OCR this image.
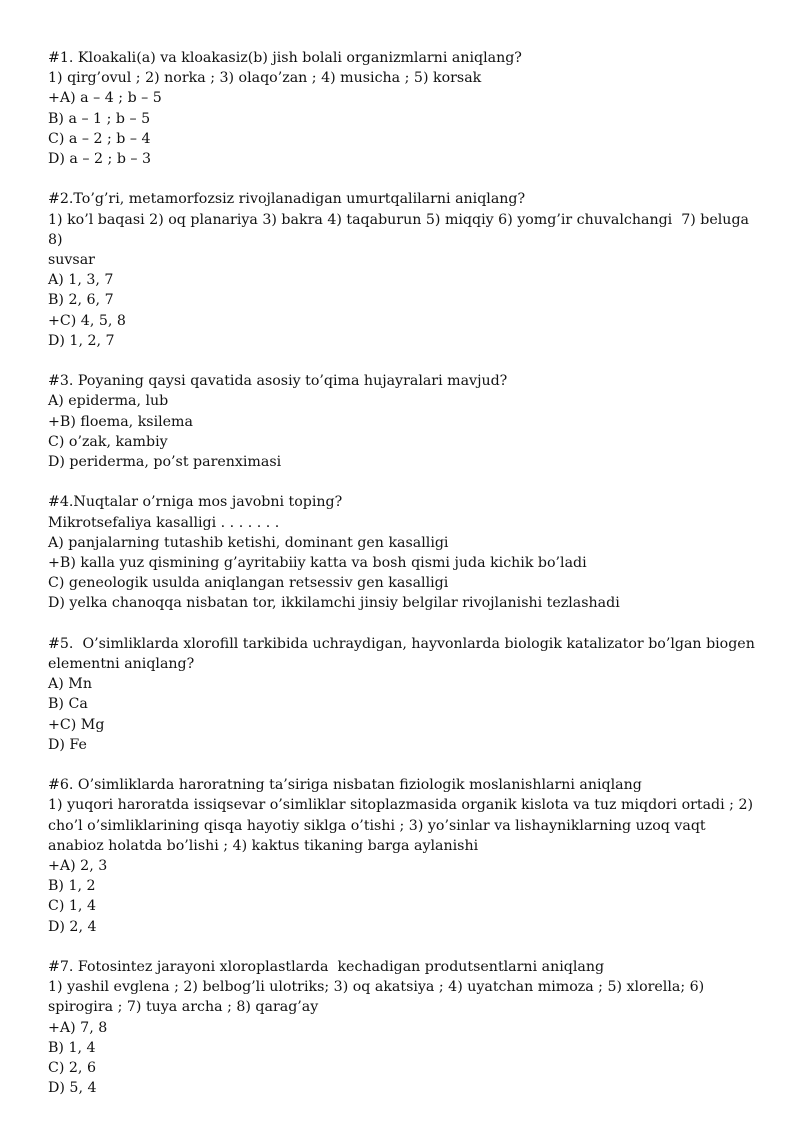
#1. Kloakali(a) va kloakasiz(b) jish bolali organizmlarni aniqlang?
1) qirg’ovul ; 2) norka ; 3) olaqo’zan ; 4) musicha ; 5) korsak
+A) a – 4 ; b – 5
B) a – 1 ; b – 5
C) a – 2 ; b – 4
D) a – 2 ; b – 3
#2.To’g’ri, metamorfozsiz rivojlanadigan umurtqalilarni aniqlang?
1) ko’l baqasi 2) oq planariya 3) bakra 4) taqaburun 5) miqqiy 6) yomg’ir chuvalchangi  7) beluga 8)
suvsar
A) 1, 3, 7
B) 2, 6, 7
+C) 4, 5, 8
D) 1, 2, 7
#3. Poyaning qaysi qavatida asosiy to’qima hujayralari mavjud?
A) epiderma, lub
+B) floema, ksilema
C) o’zak, kambiy
D) periderma, po’st parenximasi
#4.Nuqtalar o’rniga mos javobni toping?
Mikrotsefaliya kasalligi . . . . . . .
A) panjalarning tutashib ketishi, dominant gen kasalligi
+B) kalla yuz qismining g’ayritabiiy katta va bosh qismi juda kichik bo’ladi
C) geneologik usulda aniqlangan retsessiv gen kasalligi
D) yelka chanoqqa nisbatan tor, ikkilamchi jinsiy belgilar rivojlanishi tezlashadi
#5.  O’simliklarda xlorofill tarkibida uchraydigan, hayvonlarda biologik katalizator bo’lgan biogen
elementni aniqlang?
A) Mn
B) Ca
+C) Mg
D) Fe
#6. O’simliklarda haroratning ta’siriga nisbatan fiziologik moslanishlarni aniqlang
1) yuqori haroratda issiqsevar o’simliklar sitoplazmasida organik kislota va tuz miqdori ortadi ; 2)
cho’l o’simliklarining qisqa hayotiy siklga o’tishi ; 3) yo’sinlar va lishayniklarning uzoq vaqt
anabioz holatda bo’lishi ; 4) kaktus tikaning barga aylanishi
+A) 2, 3
B) 1, 2
C) 1, 4
D) 2, 4
#7. Fotosintez jarayoni xloroplastlarda  kechadigan produtsentlarni aniqlang
1) yashil evglena ; 2) belbog’li ulotriks; 3) oq akatsiya ; 4) uyatchan mimoza ; 5) xlorella; 6)
spirogira ; 7) tuya archa ; 8) qarag’ay
+A) 7, 8
B) 1, 4
C) 2, 6
D) 5, 4
